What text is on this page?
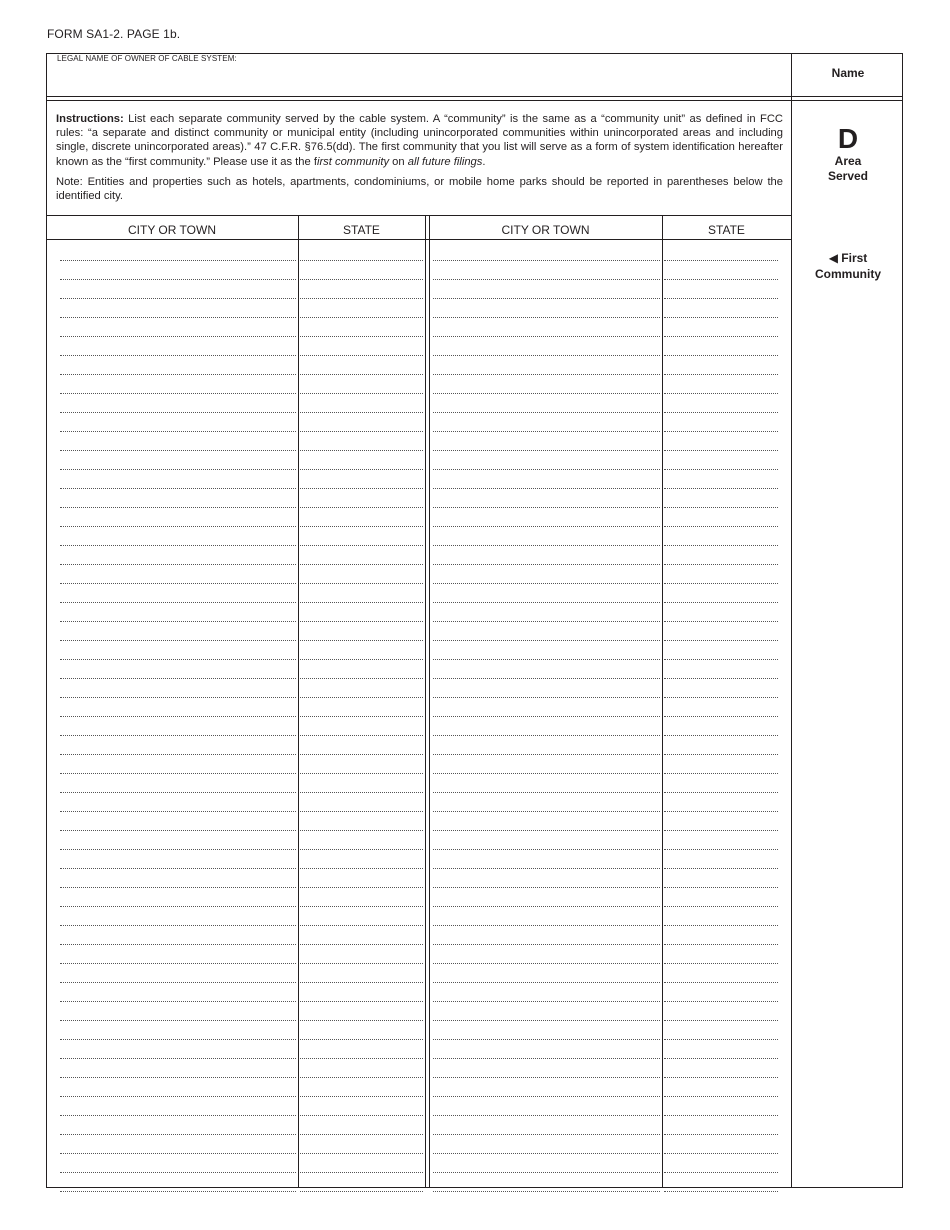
FORM SA1-2. PAGE 1b.
LEGAL NAME OF OWNER OF CABLE SYSTEM:
Name

Instructions: List each separate community served by the cable system. A “community” is the same as a “community unit” as defined in FCC rules: “a separate and distinct community or municipal entity (including unincorporated communities within unincorporated areas and including single, discrete unincorporated areas).” 47 C.F.R. §76.5(dd). The first community that you list will serve as a form of system identification hereafter known as the “first community.” Please use it as the first community on all future filings.

Note: Entities and properties such as hotels, apartments, condominiums, or mobile home parks should be reported in parentheses below the identified city.

D
Area
Served
◀ First
Community
CITY OR TOWN	STATE	CITY OR TOWN	STATE
